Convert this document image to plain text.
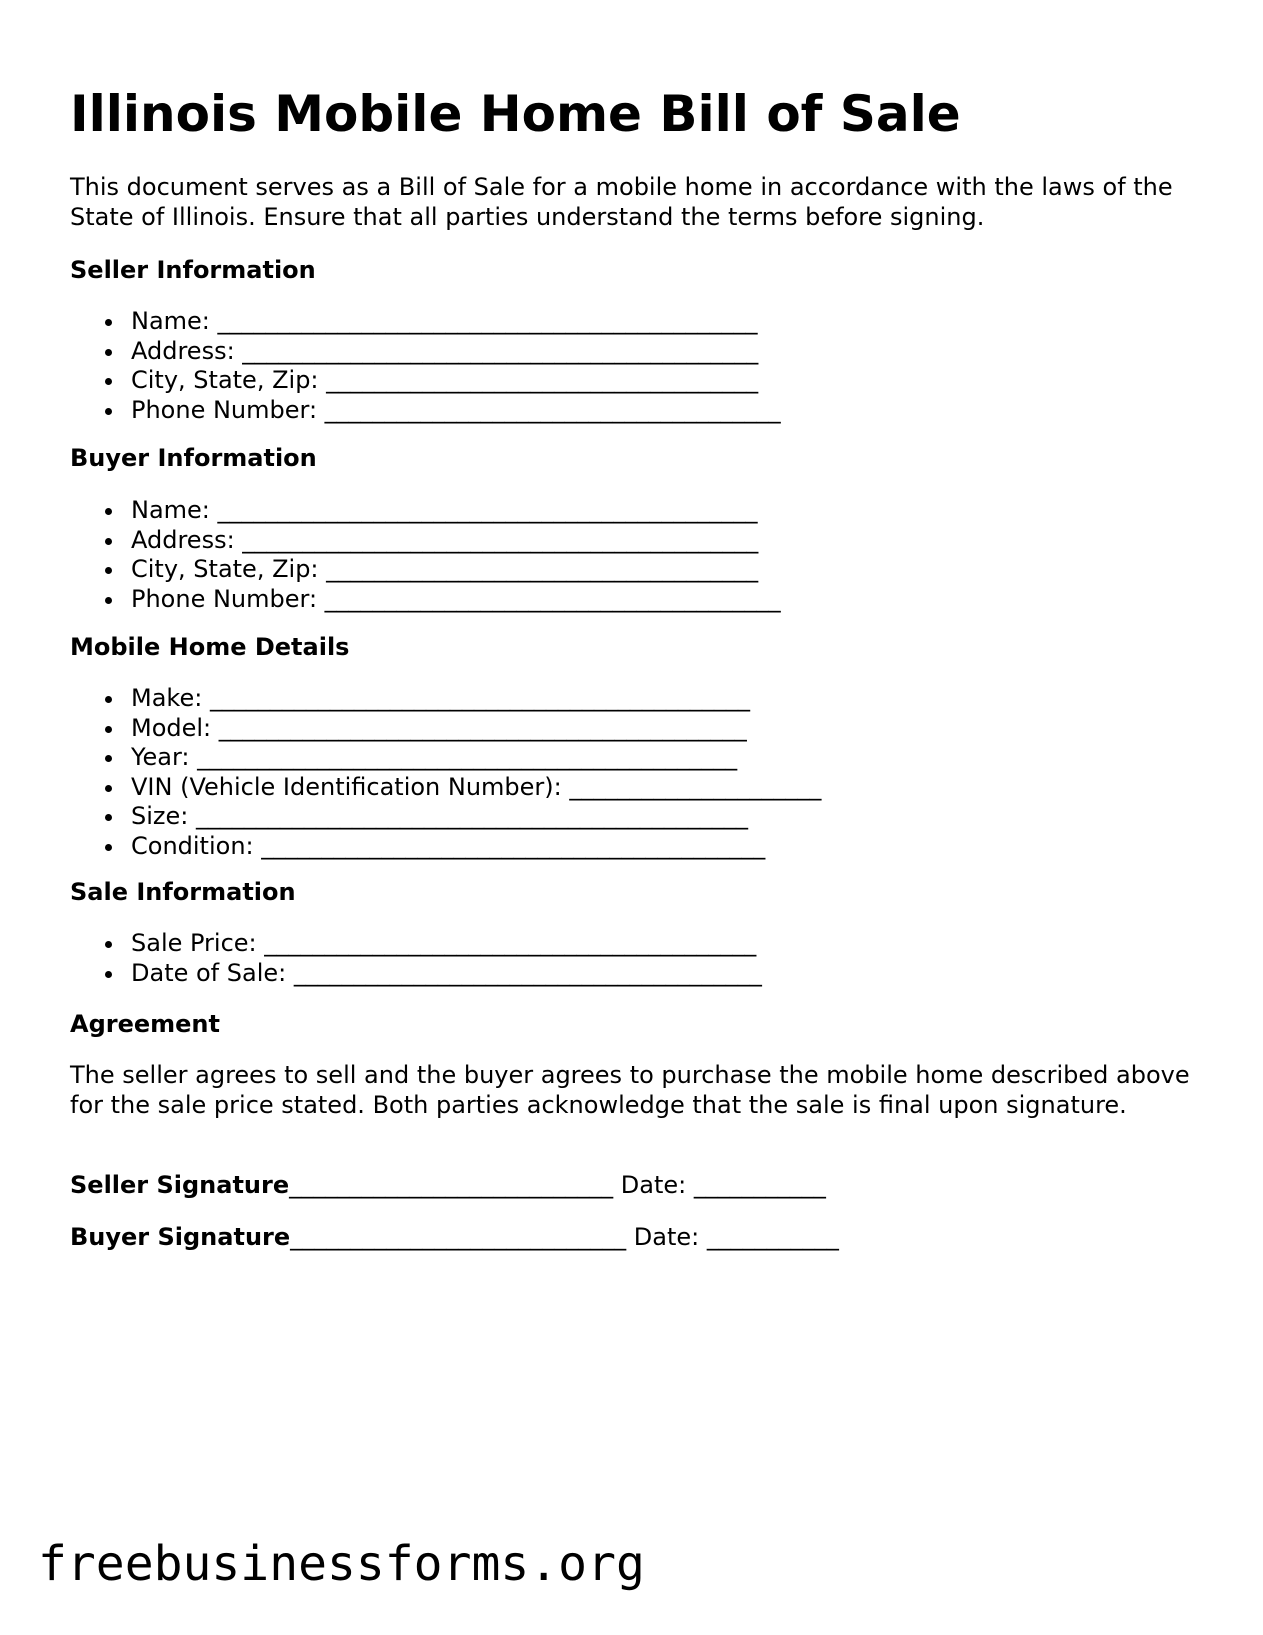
Illinois Mobile Home Bill of Sale

This document serves as a Bill of Sale for a mobile home in accordance with the laws of the State of Illinois. Ensure that all parties understand the terms before signing.

Seller Information
Name: _____________________________________________
Address: ___________________________________________
City, State, Zip: ____________________________________
Phone Number: ______________________________________
Buyer Information
Name: _____________________________________________
Address: ___________________________________________
City, State, Zip: ____________________________________
Phone Number: ______________________________________
Mobile Home Details
Make: _____________________________________________
Model: ____________________________________________
Year: _____________________________________________
VIN (Vehicle Identification Number): _____________________
Size: ______________________________________________
Condition: __________________________________________
Sale Information
Sale Price: _________________________________________
Date of Sale: _______________________________________
Agreement

The seller agrees to sell and the buyer agrees to purchase the mobile home described above for the sale price stated. Both parties acknowledge that the sale is final upon signature.

Seller Signature___________________________ Date: ___________

Buyer Signature____________________________ Date: ___________

freebusinessforms.org
